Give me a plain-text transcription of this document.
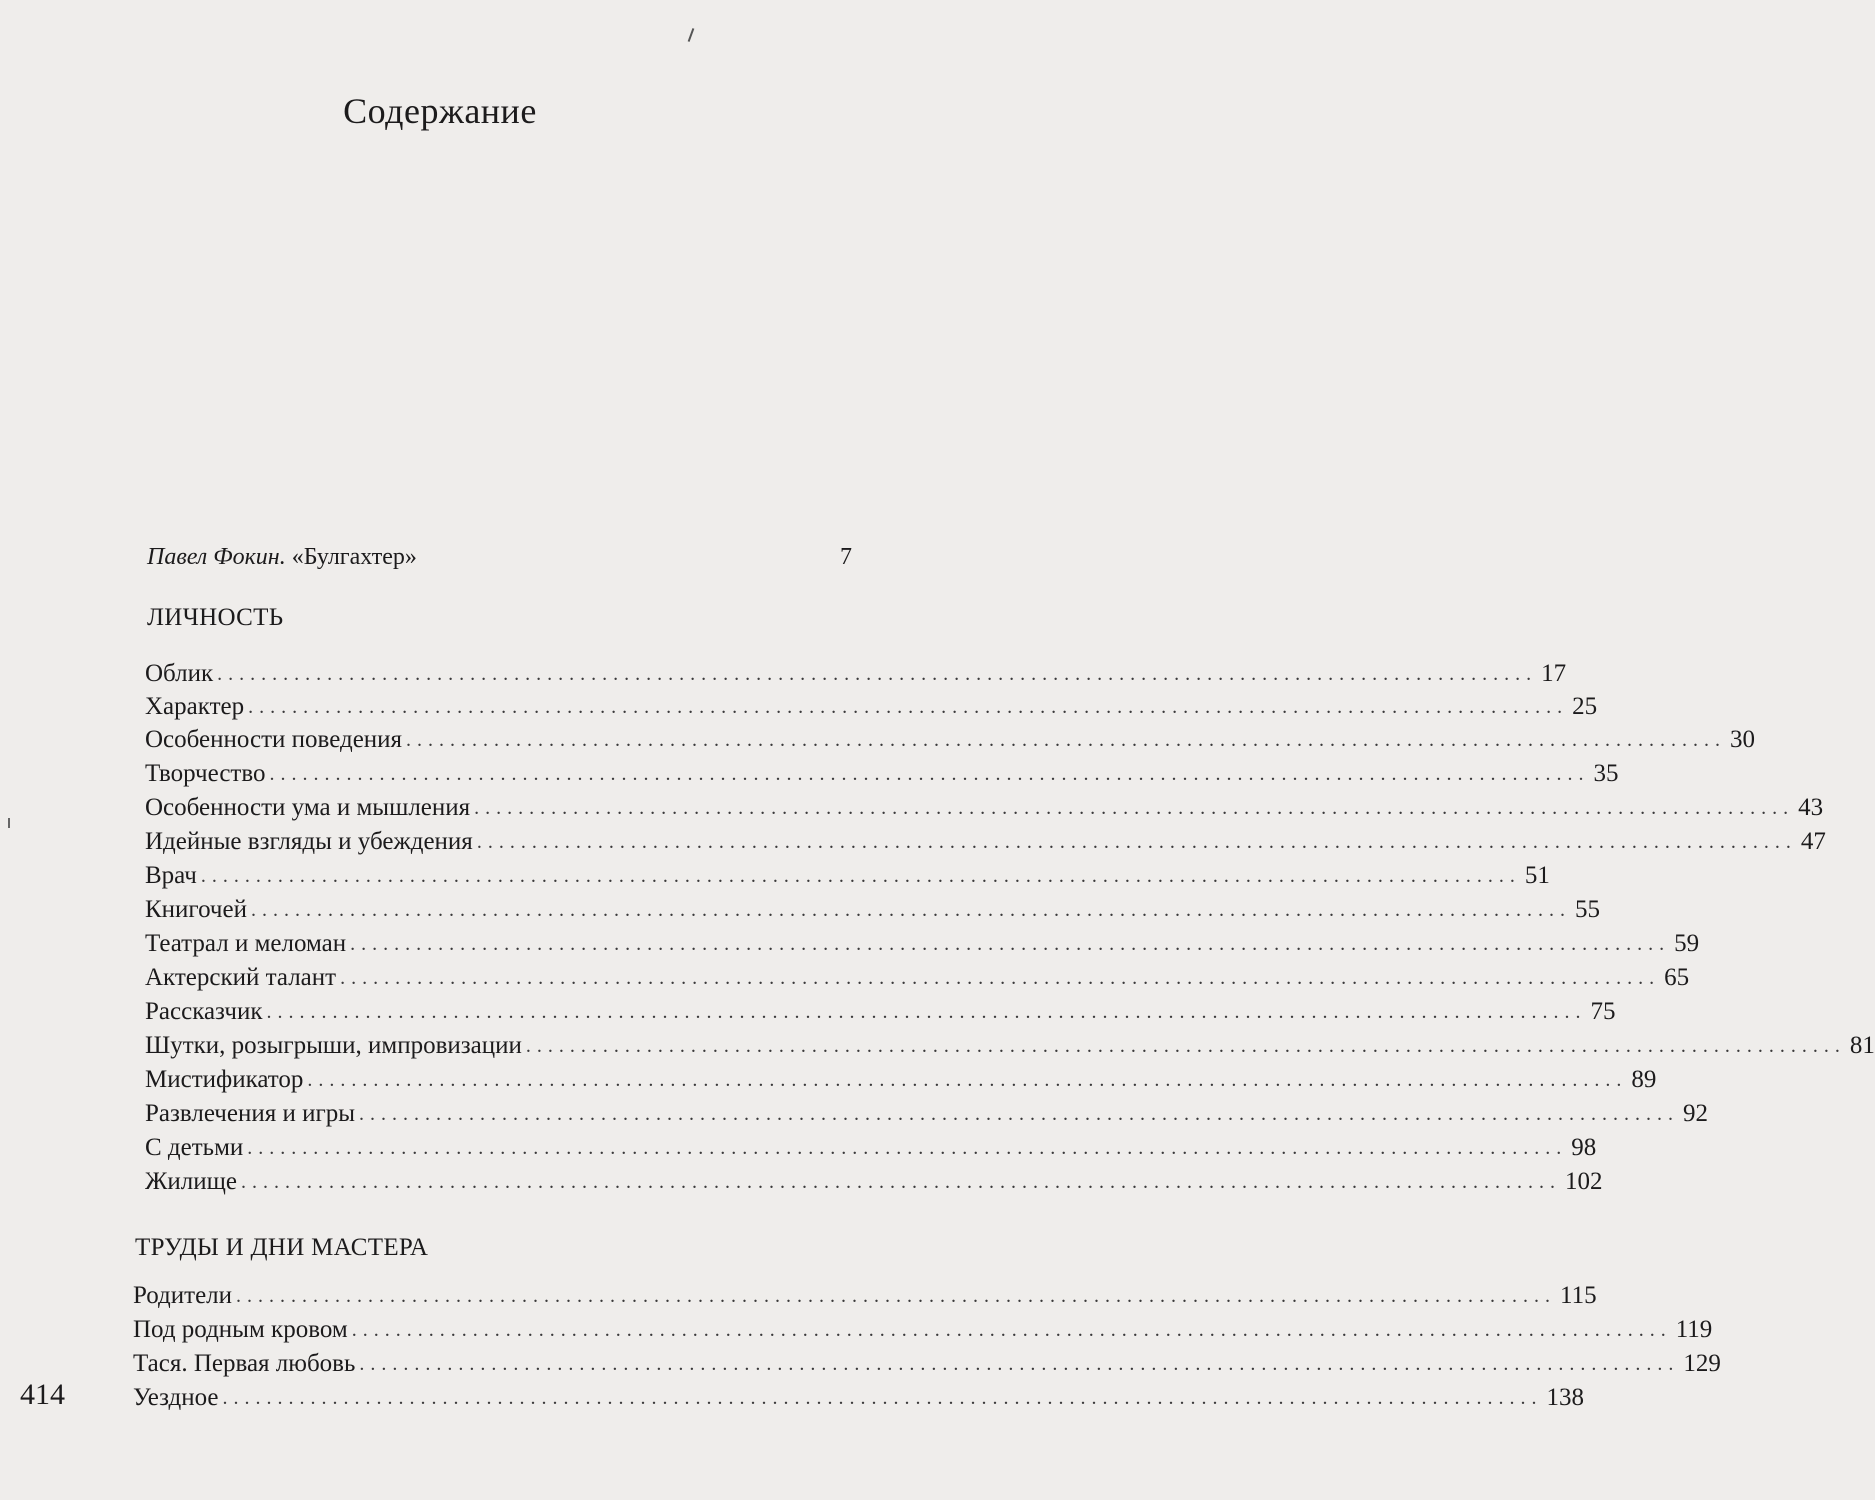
Содержание
Павел Фокин.
«Булгахтер»	7
ЛИЧНОСТЬ
Облик ........................................................................................................................ 17
Характер ........................................................................................................................ 25
Особенности поведения ........................................................................................................................ 30
Творчество ........................................................................................................................ 35
Особенности ума и мышления ........................................................................................................................ 43
Идейные взгляды и убеждения ........................................................................................................................ 47
Врач ........................................................................................................................ 51
Книгочей ........................................................................................................................ 55
Театрал и меломан ........................................................................................................................ 59
Актерский талант ........................................................................................................................ 65
Рассказчик ........................................................................................................................ 75
Шутки, розыгрыши, импровизации ........................................................................................................................ 81
Мистификатор ........................................................................................................................ 89
Развлечения и игры ........................................................................................................................ 92
С детьми ........................................................................................................................ 98
Жилище ........................................................................................................................ 102
ТРУДЫ И ДНИ МАСТЕРА
Родители ........................................................................................................................ 115
Под родным кровом ........................................................................................................................ 119
Тася. Первая любовь ........................................................................................................................ 129
Уездное ........................................................................................................................ 138
414
